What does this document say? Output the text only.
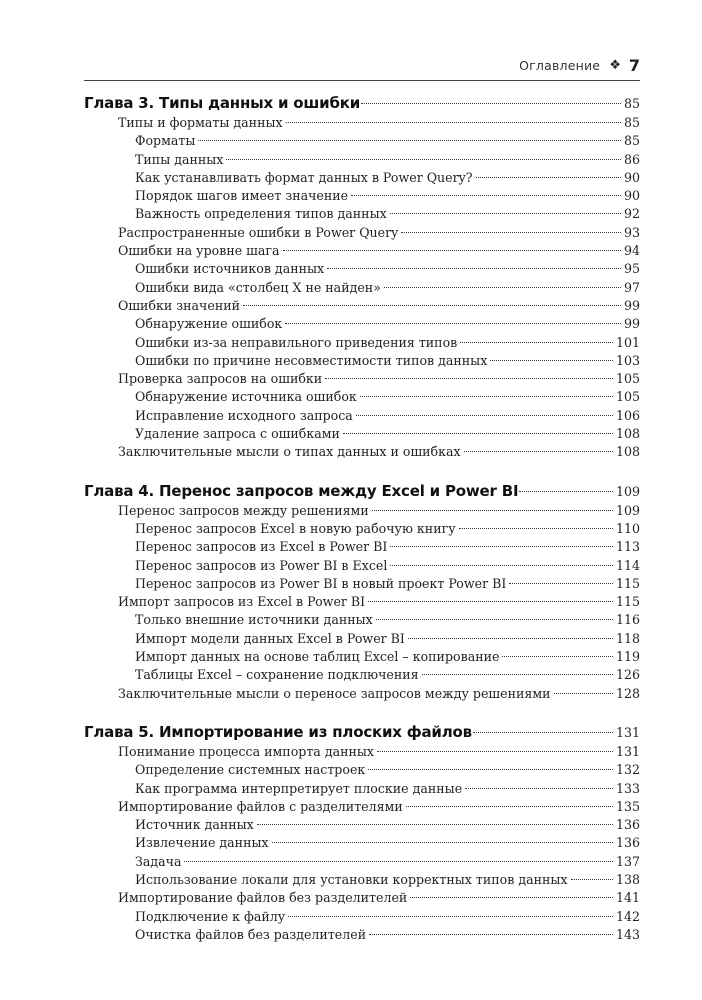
Оглавление ❖ 7
Глава 3. Типы данных и ошибки	85
Типы и форматы данных	85
Форматы	85
Типы данных	86
Как устанавливать формат данных в Power Query?	90
Порядок шагов имеет значение	90
Важность определения типов данных	92
Распространенные ошибки в Power Query	93
Ошибки на уровне шага	94
Ошибки источников данных	95
Ошибки вида «столбец X не найден»	97
Ошибки значений	99
Обнаружение ошибок	99
Ошибки из-за неправильного приведения типов	101
Ошибки по причине несовместимости типов данных	103
Проверка запросов на ошибки	105
Обнаружение источника ошибок	105
Исправление исходного запроса	106
Удаление запроса с ошибками	108
Заключительные мысли о типах данных и ошибках	108
Глава 4. Перенос запросов между Excel и Power BI	109
Перенос запросов между решениями	109
Перенос запросов Excel в новую рабочую книгу	110
Перенос запросов из Excel в Power BI	113
Перенос запросов из Power BI в Excel	114
Перенос запросов из Power BI в новый проект Power BI	115
Импорт запросов из Excel в Power BI	115
Только внешние источники данных	116
Импорт модели данных Excel в Power BI	118
Импорт данных на основе таблиц Excel – копирование	119
Таблицы Excel – сохранение подключения	126
Заключительные мысли о переносе запросов между решениями	128
Глава 5. Импортирование из плоских файлов	131
Понимание процесса импорта данных	131
Определение системных настроек	132
Как программа интерпретирует плоские данные	133
Импортирование файлов с разделителями	135
Источник данных	136
Извлечение данных	136
Задача	137
Использование локали для установки корректных типов данных	138
Импортирование файлов без разделителей	141
Подключение к файлу	142
Очистка файлов без разделителей	143
